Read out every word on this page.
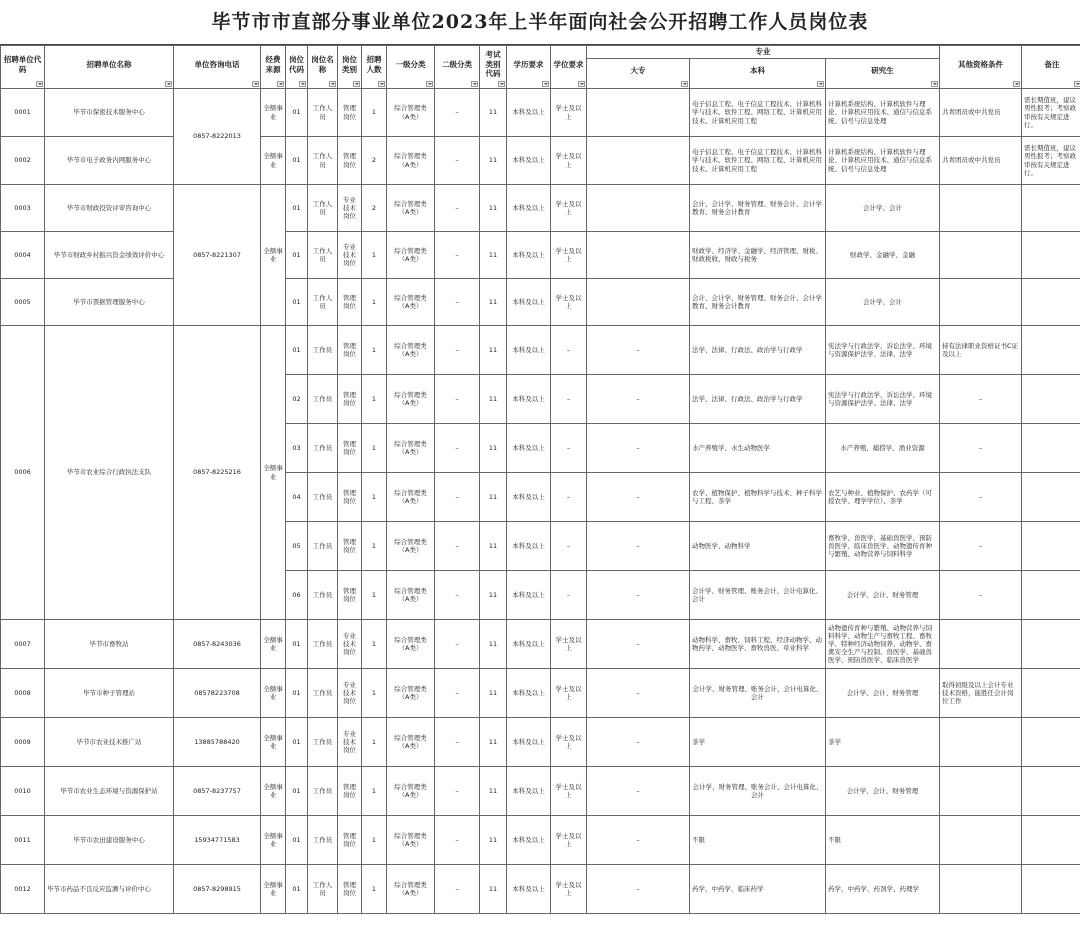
毕节市市直部分事业单位2023年上半年面向社会公开招聘工作人员岗位表
招聘单位代码	招聘单位名称	单位咨询电话	经费来源	岗位代码	岗位名称	岗位类别	招聘人数	一级分类	二级分类	考试类别代码	学历要求	学位要求	专业			其他资格条件	备注

													大专	本科	研究生		

0001	毕节市保密技术服务中心	0857-8222013	全额事业	01	工作人员	管理岗位	1	综合管理类（A类）	–	11	本科及以上	学士及以上		电子信息工程、电子信息工程技术、计算机科学与技术、软件工程、网络工程、计算机应用技术、计算机应用工程	计算机系统结构、计算机软件与理论、计算机应用技术、通信与信息系统、信号与信息处理	共青团员或中共党员	需长期值班，建议男性报考；考察政审按有关规定进行。
0002	毕节市电子政务内网服务中心		全额事业	01	工作人员	管理岗位	2	综合管理类（A类）	–	11	本科及以上	学士及以上		电子信息工程、电子信息工程技术、计算机科学与技术、软件工程、网络工程、计算机应用技术、计算机应用工程	计算机系统结构、计算机软件与理论、计算机应用技术、通信与信息系统、信号与信息处理	共青团员或中共党员	需长期值班，建议男性报考；考察政审按有关规定进行。
0003	毕节市财政投资评审咨询中心	0857-8221307	全额事业	01	工作人员	专业技术岗位	2	综合管理类（A类）	–	11	本科及以上	学士及以上		会计、会计学、财务管理、财务会计、会计学教育、财务会计教育	会计学、会计		
0004	毕节市财政乡村振兴资金绩效评价中心			01	工作人员	专业技术岗位	1	综合管理类（A类）	–	11	本科及以上	学士及以上		财政学、经济学、金融学、经济管理、财税、财政税收、财政与税务	财政学、金融学、金融		
0005	毕节市票据管理服务中心			01	工作人员	管理岗位	1	综合管理类（A类）	–	11	本科及以上	学士及以上		会计、会计学、财务管理、财务会计、会计学教育、财务会计教育	会计学、会计		
0006	毕节市农业综合行政执法支队	0857-8225216	全额事业	01	工作员	管理岗位	1	综合管理类（A类）	–	11	本科及以上	–	–	法学、法律、行政法、政治学与行政学	宪法学与行政法学、诉讼法学、环境与资源保护法学、法律、法学	持有法律职业资格证书C证及以上	
				02	工作员	管理岗位	1	综合管理类（A类）	–	11	本科及以上	–	–	法学、法律、行政法、政治学与行政学	宪法学与行政法学、诉讼法学、环境与资源保护法学、法律、法学	–	
				03	工作员	管理岗位	1	综合管理类（A类）	–	11	本科及以上	–	–	水产养殖学、水生动物医学	水产养殖、捕捞学、渔业资源	–	
				04	工作员	管理岗位	1	综合管理类（A类）	–	11	本科及以上	–	–	农学、植物保护、植物科学与技术、种子科学与工程、茶学	农艺与种业、植物保护、农药学（可授农学、理学学位）、茶学	–	
				05	工作员	管理岗位	1	综合管理类（A类）	–	11	本科及以上	–	–	动物医学、动物科学	畜牧学、兽医学、基础兽医学、预防兽医学、临床兽医学、动物遗传育种与繁殖、动物营养与饲料科学	–	
				06	工作员	管理岗位	1	综合管理类（A类）	–	11	本科及以上	–	–	会计学、财务管理、账务会计、会计电算化、会计	会计学、会计、财务管理	–	
0007	毕节市畜牧站	0857-8243036	全额事业	01	工作员	专业技术岗位	1	综合管理类（A类）	–	11	本科及以上	学士及以上	–	动物科学、畜牧、饲料工程、经济动物学、动物药学、动物医学、畜牧兽医、草业科学	动物遗传育种与繁殖、动物营养与饲料科学、动物生产与畜牧工程、畜牧学、特种经济动物饲养、动物学、畜禽安全生产与控制、兽医学、基础兽医学、预防兽医学、临床兽医学		
0008	毕节市种子管理站	08578223708	全额事业	01	工作员	专业技术岗位	1	综合管理类（A类）	–	11	本科及以上	学士及以上	–	会计学、财务管理、账务会计、会计电算化、会计	会计学、会计、财务管理	取得初级及以上会计专业技术资格，能胜任会计岗位工作	
0009	毕节市农业技术推广站	13885788420	全额事业	01	工作员	专业技术岗位	1	综合管理类（A类）	–	11	本科及以上	学士及以上	–	茶学	茶学		
0010	毕节市农业生态环境与资源保护站	0857-8237757	全额事业	01	工作员	管理岗位	1	综合管理类（A类）	–	11	本科及以上	学士及以上	–	会计学、财务管理、账务会计、会计电算化、会计	会计学、会计、财务管理		
0011	毕节市农田建设服务中心	15934771583	全额事业	01	工作员	管理岗位	1	综合管理类（A类）	–	11	本科及以上	学士及以上	–	不限	不限		
0012	毕节市药品不良反应监测与评价中心	0857-8298915	全额事业	01	工作人员	管理岗位	1	综合管理类（A类）	–	11	本科及以上	学士及以上	–	药学、中药学、临床药学	药学、中药学、药剂学、药理学		
